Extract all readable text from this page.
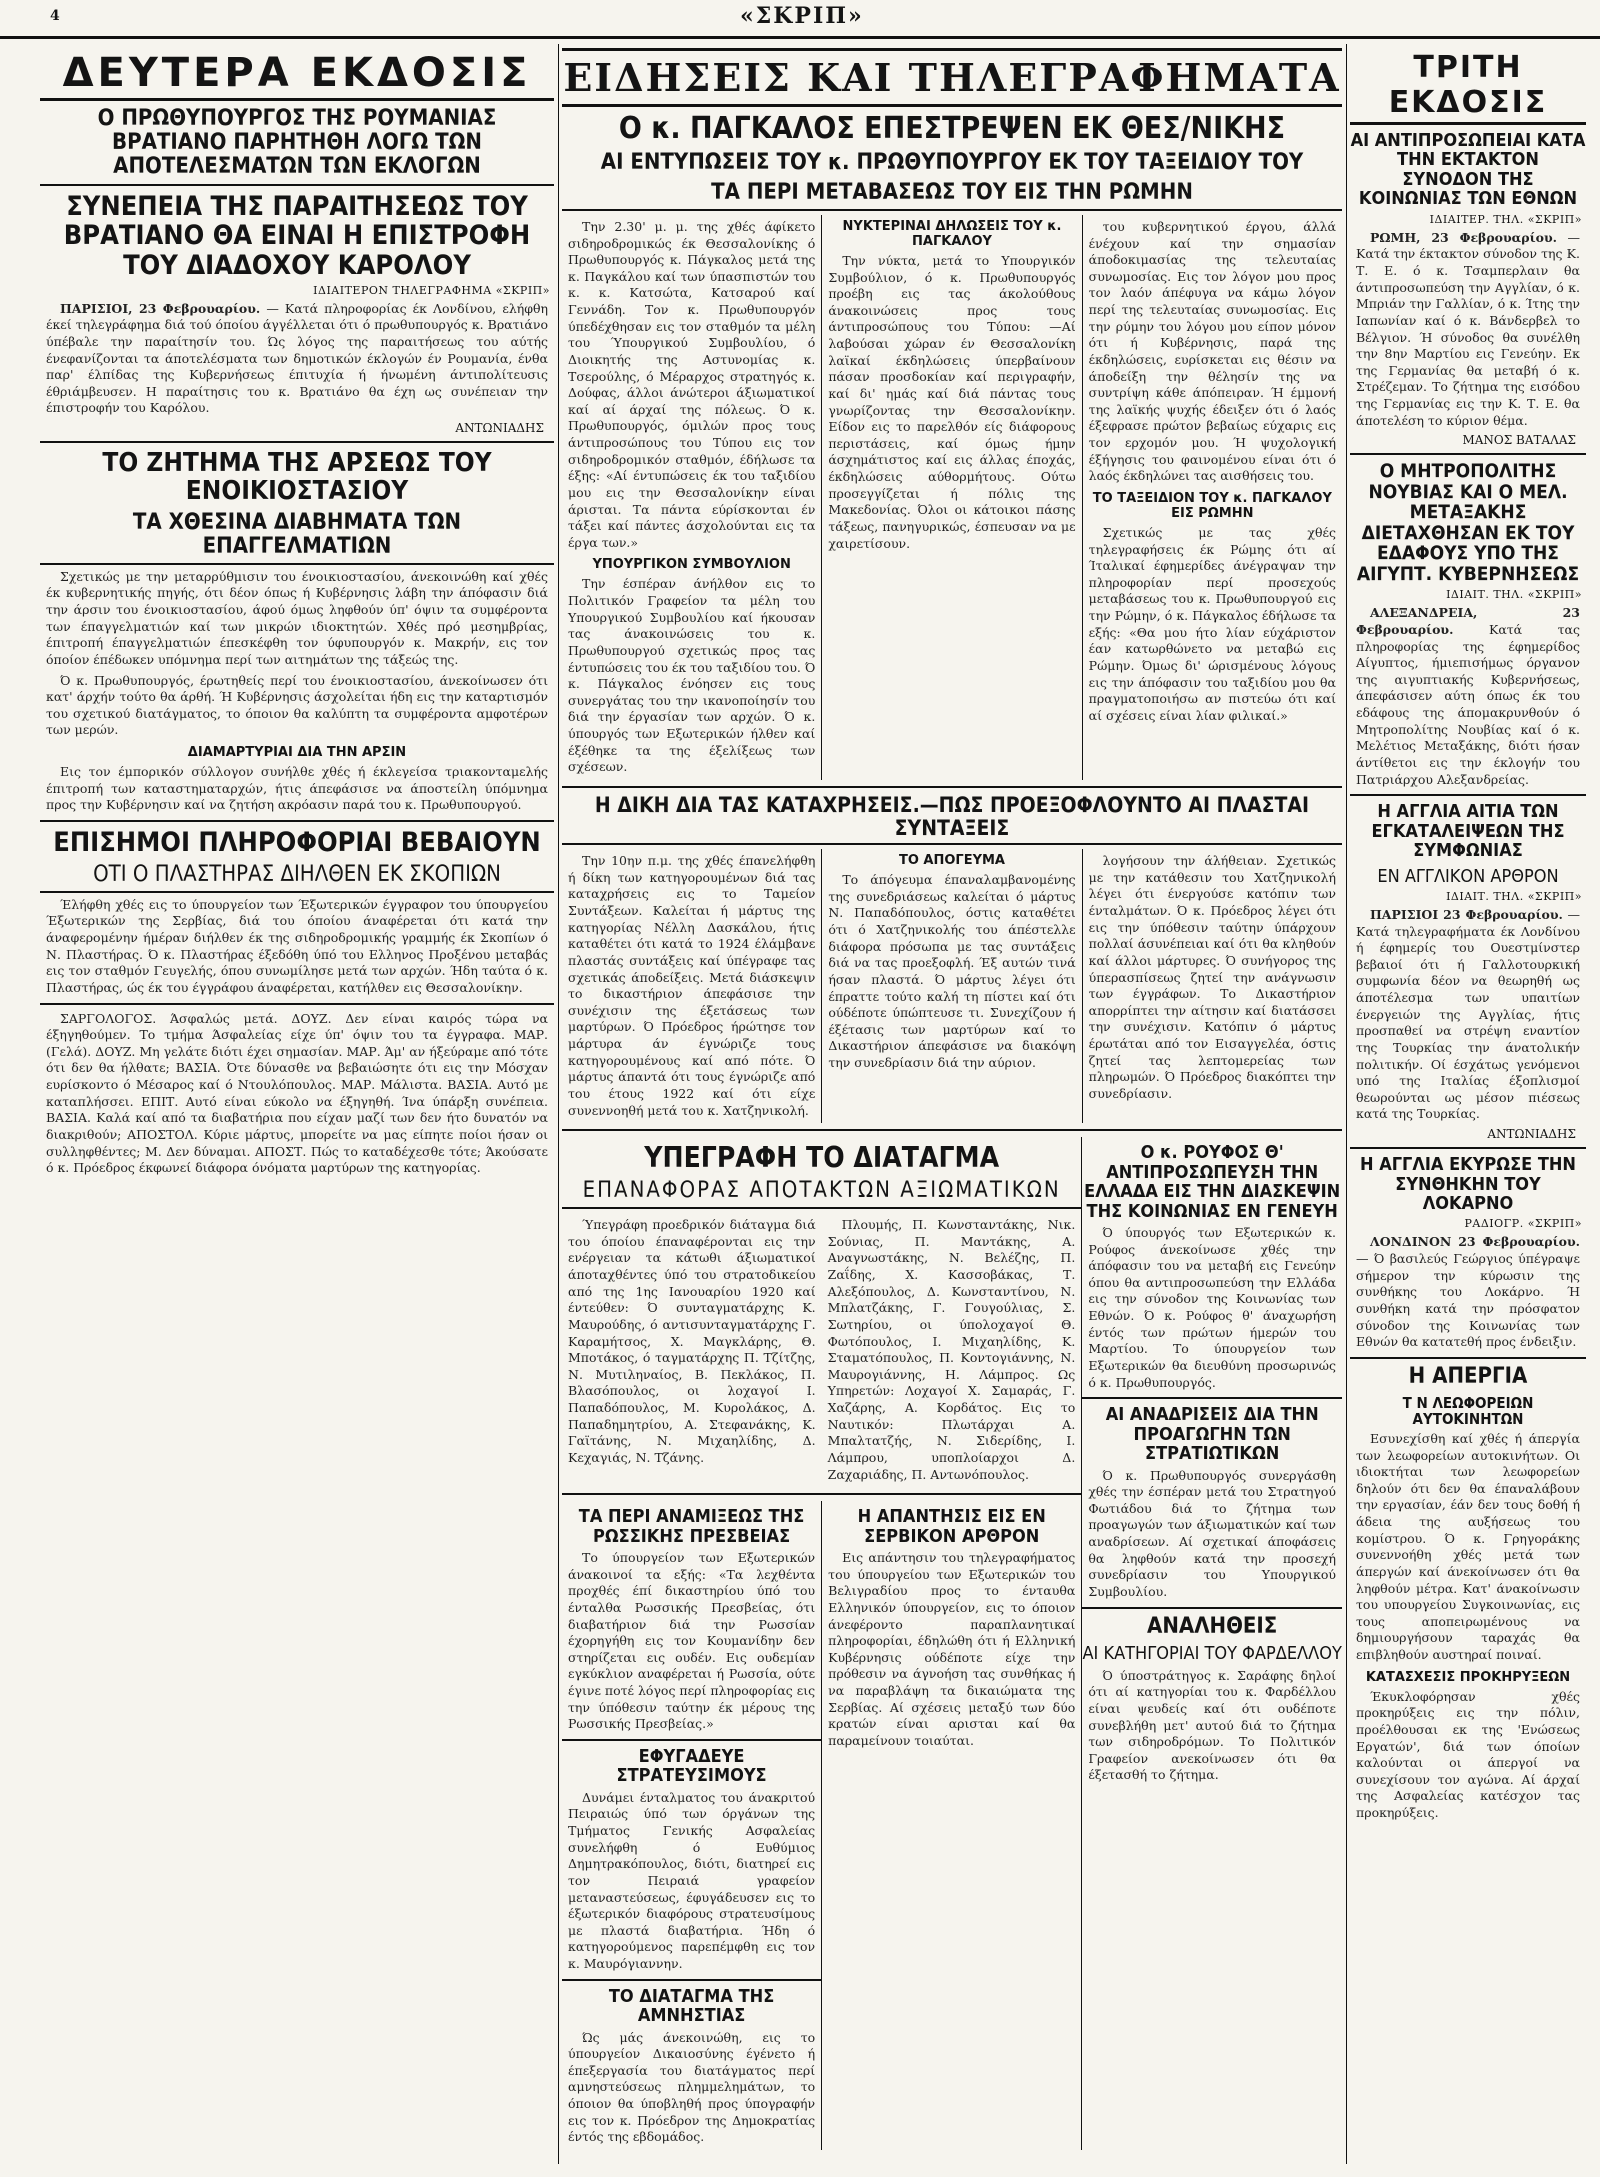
4	«ΣΚΡΙΠ»
ΔΕΥΤΕΡΑ ΕΚΔΟΣΙΣ
Ο ΠΡΩΘΥΠΟΥΡΓΟΣ ΤΗΣ ΡΟΥΜΑΝΙΑΣ ΒΡΑΤΙΑΝΟ ΠΑΡΗΤΗΘΗ ΛΟΓΩ ΤΩΝ ΑΠΟΤΕΛΕΣΜΑΤΩΝ ΤΩΝ ΕΚΛΟΓΩΝ
ΣΥΝΕΠΕΙΑ ΤΗΣ ΠΑΡΑΙΤΗΣΕΩΣ ΤΟΥ ΒΡΑΤΙΑΝΟ ΘΑ ΕΙΝΑΙ Η ΕΠΙΣΤΡΟΦΗ ΤΟΥ ΔΙΑΔΟΧΟΥ ΚΑΡΟΛΟΥ
ΙΔΙΑΙΤΕΡΟΝ ΤΗΛΕΓΡΑΦΗΜΑ «ΣΚΡΙΠ»

ΠΑΡΙΣΙΟΙ, 23 Φεβρουαρίου. — Κατά πληροφορίας έκ Λονδίνου, ελήφθη έκεί τηλεγράφημα διά τού όποίου άγγέλλεται ότι ό πρωθυπουργός κ. Βρατιάνο ύπέβαλε την παραίτησίν του. Ώς λόγος της παραιτήσεως του αύτής ένεφανίζονται τα άποτελέσματα των δημοτικών έκλογών έν Ρουμανία, ένθα παρ' έλπίδας της Κυβερνήσεως έπιτυχία ή ήνωμένη άντιπολίτευσις έθριάμβευσεν. Η παραίτησις του κ. Βρατιάνο θα έχη ως συνέπειαν την έπιστροφήν του Καρόλου.

ΑΝΤΩΝΙΑΔΗΣ
ΤΟ ΖΗΤΗΜΑ ΤΗΣ ΑΡΣΕΩΣ ΤΟΥ ΕΝΟΙΚΙΟΣΤΑΣΙΟΥ
ΤΑ ΧΘΕΣΙΝΑ ΔΙΑΒΗΜΑΤΑ ΤΩΝ ΕΠΑΓΓΕΛΜΑΤΙΩΝ

Σχετικώς με την μεταρρύθμισιν του ένοικιοστασίου, άνεκοινώθη καί χθές έκ κυβερνητικής πηγής, ότι δέον όπως ή Κυβέρνησις λάβη την άπόφασιν διά την άρσιν του ένοικιοστασίου, άφού όμως ληφθούν ύπ' όψιν τα συμφέροντα των έπαγγελματιών καί των μικρών ιδιοκτητών. Χθές πρό μεσημβρίας, έπιτροπή έπαγγελματιών έπεσκέφθη τον ύφυπουργόν κ. Μακρήν, εις τον όποίον έπέδωκεν υπόμνημα περί των αιτημάτων της τάξεώς της.

Ό κ. Πρωθυπουργός, έρωτηθείς περί του ένοικιοστασίου, άνεκοίνωσεν ότι κατ' άρχήν τούτο θα άρθή. Ή Κυβέρνησις άσχολείται ήδη εις την καταρτισμόν του σχετικού διατάγματος, το όποιον θα καλύπτη τα συμφέροντα αμφοτέρων των μερών.

ΔΙΑΜΑΡΤΥΡΙΑΙ ΔΙΑ ΤΗΝ ΑΡΣΙΝ

Εις τον έμπορικόν σύλλογον συνήλθε χθές ή έκλεγείσα τριακονταμελής έπιτροπή των καταστηματαρχών, ήτις άπεφάσισε να άποστείλη ύπόμνημα προς την Κυβέρνησιν καί να ζητήση ακρόασιν παρά του κ. Πρωθυπουργού.

ΕΠΙΣΗΜΟΙ ΠΛΗΡΟΦΟΡΙΑΙ ΒΕΒΑΙΟΥΝ
ΟΤΙ Ο ΠΛΑΣΤΗΡΑΣ ΔΙΗΛΘΕΝ ΕΚ ΣΚΟΠΙΩΝ

Έλήφθη χθές εις το ύπουργείον των Έξωτερικών έγγραφον του ύπουργείου Έξωτερικών της Σερβίας, διά του όποίου άναφέρεται ότι κατά την άναφερομένην ήμέραν διήλθεν έκ της σιδηροδρομικής γραμμής έκ Σκοπίων ό Ν. Πλαστήρας. Ό κ. Πλαστήρας έξεδόθη ύπό του Ελληνος Προξένου μεταβάς εις τον σταθμόν Γευγελής, όπου συνωμίλησε μετά των αρχών. Ήδη ταύτα ό κ. Πλαστήρας, ώς έκ του έγγράφου άναφέρεται, κατήλθεν εις Θεσσαλονίκην.

ΣΑΡΓΟΛΟΓΟΣ. Άσφαλώς μετά. ΔΟΥΖ. Δεν είναι καιρός τώρα να έξηγηθούμεν. Το τμήμα Άσφαλείας είχε ύπ' όψιν του τα έγγραφα. ΜΑΡ. (Γελά). ΔΟΥΖ. Μη γελάτε διότι έχει σημασίαν. ΜΑΡ. Άμ' αν ήξεύραμε από τότε ότι δεν θα ήλθατε; ΒΑΣΙΑ. Ότε δύνασθε να βεβαιώσητε ότι εις την Μόσχαν ευρίσκοντο ό Μέσαρος καί ό Ντουλόπουλος. ΜΑΡ. Μάλιστα. ΒΑΣΙΑ. Αυτό με καταπλήσσει. ΕΠΙΤ. Αυτό είναι εύκολο να έξηγηθή. Ίνα ύπάρξη συνέπεια. ΒΑΣΙΑ. Καλά καί από τα διαβατήρια που είχαν μαζί των δεν ήτο δυνατόν να διακριθούν; ΑΠΟΣΤΟΛ. Κύριε μάρτυς, μπορείτε να μας είπητε ποίοι ήσαν οι συλληφθέντες; Μ. Δεν δύναμαι. ΑΠΟΣΤ. Πώς το καταδέχεσθε τότε; Άκούσατε ό κ. Πρόεδρος έκφωνεί διάφορα όνόματα μαρτύρων της κατηγορίας.

ΕΙΔΗΣΕΙΣ ΚΑΙ ΤΗΛΕΓΡΑΦΗΜΑΤΑ
Ο κ. ΠΑΓΚΑΛΟΣ ΕΠΕΣΤΡΕΨΕΝ ΕΚ ΘΕΣ/ΝΙΚΗΣ
ΑΙ ΕΝΤΥΠΩΣΕΙΣ ΤΟΥ κ. ΠΡΩΘΥΠΟΥΡΓΟΥ ΕΚ ΤΟΥ ΤΑΞΕΙΔΙΟΥ ΤΟΥ
ΤΑ ΠΕΡΙ ΜΕΤΑΒΑΣΕΩΣ ΤΟΥ ΕΙΣ ΤΗΝ ΡΩΜΗΝ

Την 2.30' μ. μ. της χθές άφίκετο σιδηροδρομικώς έκ Θεσσαλονίκης ό Πρωθυπουργός κ. Πάγκαλος μετά της κ. Παγκάλου καί των ύπασπιστών του κ. κ. Κατσώτα, Κατσαρού καί Γεννάδη. Τον κ. Πρωθυπουργόν ύπεδέχθησαν εις τον σταθμόν τα μέλη του Ύπουργικού Συμβουλίου, ό Διοικητής της Αστυνομίας κ. Τσερούλης, ό Μέραρχος στρατηγός κ. Δούφας, άλλοι άνώτεροι άξιωματικοί καί αί άρχαί της πόλεως. Ό κ. Πρωθυπουργός, όμιλών προς τους άντιπροσώπους του Τύπου εις τον σιδηροδρομικόν σταθμόν, έδήλωσε τα έξης: «Αί έντυπώσεις έκ του ταξιδίου μου εις την Θεσσαλονίκην είναι άρισται. Τα πάντα εύρίσκονται έν τάξει καί πάντες άσχολούνται εις τα έργα των.»

ΥΠΟΥΡΓΙΚΟΝ ΣΥΜΒΟΥΛΙΟΝ

Την έσπέραν άνήλθον εις το Πολιτικόν Γραφείον τα μέλη του Υπουργικού Συμβουλίου καί ήκουσαν τας άνακοινώσεις του κ. Πρωθυπουργού σχετικώς προς τας έντυπώσεις του έκ του ταξιδίου του. Ό κ. Πάγκαλος ένόησεν εις τους συνεργάτας του την ικανοποίησίν του διά την έργασίαν των αρχών. Ό κ. ύπουργός των Εξωτερικών ήλθεν καί έξέθηκε τα της έξελίξεως των σχέσεων.

ΝΥΚΤΕΡΙΝΑΙ ΔΗΛΩΣΕΙΣ ΤΟΥ κ. ΠΑΓΚΑΛΟΥ

Την νύκτα, μετά το Υπουργικόν Συμβούλιον, ό κ. Πρωθυπουργός προέβη εις τας άκολούθους άνακοινώσεις προς τους άντιπροσώπους του Τύπου: —Αί λαβούσαι χώραν έν Θεσσαλονίκη λαϊκαί έκδηλώσεις ύπερβαίνουν πάσαν προσδοκίαν καί περιγραφήν, καί δι' ημάς καί διά πάντας τους γνωρίζοντας την Θεσσαλονίκην. Είδον εις το παρελθόν είς διάφορους περιστάσεις, καί όμως ήμην άσχημάτιστος καί εις άλλας έποχάς, έκδηλώσεις αύθορμήτους. Ούτω προσεγγίζεται ή πόλις της Μακεδονίας. Όλοι οι κάτοικοι πάσης τάξεως, πανηγυρικώς, έσπευσαν να με χαιρετίσουν.

του κυβερνητικού έργου, άλλά ένέχουν καί την σημασίαν άποδοκιμασίας της τελευταίας συνωμοσίας. Εις τον λόγον μου προς τον λαόν άπέφυγα να κάμω λόγον περί της τελευταίας συνωμοσίας. Εις την ρύμην του λόγου μου είπον μόνον ότι ή Κυβέρνησις, παρά της έκδηλώσεις, ευρίσκεται εις θέσιν να άποδείξη την θέλησίν της να συντρίψη κάθε άπόπειραν. Ή έμμονή της λαϊκής ψυχής έδειξεν ότι ό λαός έξεφρασε πρώτον βεβαίως εύχαρις εις τον ερχομόν μου. Ή ψυχολογική έξήγησις του φαινομένου είναι ότι ό λαός έκδηλώνει τας αισθήσεις του.

ΤΟ ΤΑΞΕΙΔΙΟΝ ΤΟΥ κ. ΠΑΓΚΑΛΟΥ ΕΙΣ ΡΩΜΗΝ

Σχετικώς με τας χθές τηλεγραφήσεις έκ Ρώμης ότι αί Ίταλικαί έφημερίδες άνέγραψαν την πληροφορίαν περί προσεχούς μεταβάσεως του κ. Πρωθυπουργού εις την Ρώμην, ό κ. Πάγκαλος έδήλωσε τα εξής: «Θα μου ήτο λίαν εύχάριστον έαν κατωρθώνετο να μεταβώ εις Ρώμην. Όμως δι' ώρισμένους λόγους εις την άπόφασιν του ταξιδίου μου θα πραγματοποιήσω αν πιστεύω ότι καί αί σχέσεις είναι λίαν φιλικαί.»

Η ΔΙΚΗ ΔΙΑ ΤΑΣ ΚΑΤΑΧΡΗΣΕΙΣ.—ΠΩΣ ΠΡΟΕΞΟΦΛΟΥΝΤΟ ΑΙ ΠΛΑΣΤΑΙ ΣΥΝΤΑΞΕΙΣ

Την 10ην π.μ. της χθές έπανελήφθη ή δίκη των κατηγορουμένων διά τας καταχρήσεις εις το Ταμείον Συντάξεων. Καλείται ή μάρτυς της κατηγορίας Νέλλη Δασκάλου, ήτις καταθέτει ότι κατά το 1924 έλάμβανε πλαστάς συντάξεις καί ύπέγραφε τας σχετικάς άποδείξεις. Μετά διάσκεψιν το δικαστήριον άπεφάσισε την συνέχισιν της έξετάσεως των μαρτύρων. Ό Πρόεδρος ήρώτησε τον μάρτυρα άν έγνώριζε τους κατηγορουμένους καί από πότε. Ό μάρτυς άπαντά ότι τους έγνώριζε από του έτους 1922 καί ότι είχε συνεννοηθή μετά του κ. Χατζηνικολή.

ΤΟ ΑΠΟΓΕΥΜΑ

Το άπόγευμα έπαναλαμβανομένης της συνεδριάσεως καλείται ό μάρτυς Ν. Παπαδόπουλος, όστις καταθέτει ότι ό Χατζηνικολής του άπέστελλε διάφορα πρόσωπα με τας συντάξεις διά να τας προεξοφλή. Έξ αυτών τινά ήσαν πλαστά. Ό μάρτυς λέγει ότι έπραττε τούτο καλή τη πίστει καί ότι ούδέποτε ύπώπτευσε τι. Συνεχίζουν ή έξέτασις των μαρτύρων καί το Δικαστήριον άπεφάσισε να διακόψη την συνεδρίασιν διά την αύριον.

λογήσουν την άλήθειαν. Σχετικώς με την κατάθεσιν του Χατζηνικολή λέγει ότι ένεργούσε κατόπιν των ένταλμάτων. Ό κ. Πρόεδρος λέγει ότι εις την ύπόθεσιν ταύτην ύπάρχουν πολλαί άσυνέπειαι καί ότι θα κληθούν καί άλλοι μάρτυρες. Ό συνήγορος της ύπερασπίσεως ζητεί την ανάγνωσιν των έγγράφων. Το Δικαστήριον απορρίπτει την αίτησιν καί διατάσσει την συνέχισιν. Κατόπιν ό μάρτυς έρωτάται από τον Εισαγγελέα, όστις ζητεί τας λεπτομερείας των πληρωμών. Ό Πρόεδρος διακόπτει την συνεδρίασιν.

ΥΠΕΓΡΑΦΗ ΤΟ ΔΙΑΤΑΓΜΑ
ΕΠΑΝΑΦΟΡΑΣ ΑΠΟΤΑΚΤΩΝ ΑΞΙΩΜΑΤΙΚΩΝ

Ύπεγράφη προεδρικόν διάταγμα διά του όποίου έπαναφέρονται εις την ενέργειαν τα κάτωθι άξιωματικοί άποταχθέντες ύπό του στρατοδικείου από της 1ης Ιανουαρίου 1920 καί έντεύθεν: Ό συνταγματάρχης Κ. Μαυρούδης, ό αντισυνταγματάρχης Γ. Καραμήτσος, Χ. Μαγκλάρης, Θ. Μποτάκος, ό ταγματάρχης Π. Τζίτζης, Ν. Μυτιληναίος, Β. Πεκλάκος, Π. Βλασόπουλος, οι λοχαγοί Ι. Παπαδόπουλος, Μ. Κυρολάκος, Δ. Παπαδημητρίου, Α. Στεφανάκης, Κ. Γαϊτάνης, Ν. Μιχαηλίδης, Δ. Κεχαγιάς, Ν. Τζάνης.

Πλουμής, Π. Κωνσταντάκης, Νικ. Σούνιας, Π. Μαντάκης, Α. Αναγνωστάκης, Ν. Βελέζης, Π. Ζαΐδης, Χ. Κασσοβάκας, Τ. Αλεξόπουλος, Δ. Κωνσταντίνου, Ν. Μπλατζάκης, Γ. Γουγούλιας, Σ. Σωτηρίου, οι ύπολοχαγοί Θ. Φωτόπουλος, Ι. Μιχαηλίδης, Κ. Σταματόπουλος, Π. Κοντογιάννης, Ν. Μαυρογιάννης, Η. Λάμπρος. Ως Υπηρετών: Λοχαγοί Χ. Σαμαράς, Γ. Χαζάρης, Α. Κορδάτος. Εις το Ναυτικόν: Πλωτάρχαι Α. Μπαλτατζής, Ν. Σιδερίδης, Ι. Λάμπρου, υποπλοίαρχοι Δ. Ζαχαριάδης, Π. Αντωνόπουλος.

ΤΑ ΠΕΡΙ ΑΝΑΜΙΞΕΩΣ ΤΗΣ ΡΩΣΣΙΚΗΣ ΠΡΕΣΒΕΙΑΣ

Το ύπουργείον των Εξωτερικών άνακοινοί τα εξής: «Τα λεχθέντα προχθές έπί δικαστηρίου ύπό του ένταλθα Ρωσσικής Πρεσβείας, ότι διαβατήριον διά την Ρωσσίαν έχορηγήθη εις τον Κουμανίδην δεν στηρίζεται εις ουδέν. Εις ουδεμίαν εγκύκλιον αναφέρεται ή Ρωσσία, ούτε έγινε ποτέ λόγος περί πληροφορίας εις την ύπόθεσιν ταύτην έκ μέρους της Ρωσσικής Πρεσβείας.»

ΕΦΥΓΑΔΕΥΕ ΣΤΡΑΤΕΥΣΙΜΟΥΣ

Δυνάμει ένταλματος του άνακριτού Πειραιώς ύπό των όργάνων της Τμήματος Γενικής Ασφαλείας συνελήφθη ό Ευθύμιος Δημητρακόπουλος, διότι, διατηρεί εις τον Πειραιά γραφείον μεταναστεύσεως, έφυγάδευσεν εις το έξωτερικόν διαφόρους στρατευσίμους με πλαστά διαβατήρια. Ήδη ό κατηγορούμενος παρεπέμφθη εις τον κ. Μαυρόγιαννην.

ΤΟ ΔΙΑΤΑΓΜΑ ΤΗΣ ΑΜΝΗΣΤΙΑΣ

Ώς μάς άνεκοινώθη, εις το ύπουργείον Δικαιοσύνης έγένετο ή έπεξεργασία του διατάγματος περί αμνηστεύσεως πλημμελημάτων, το όποιον θα ύποβληθή προς ύπογραφήν εις τον κ. Πρόεδρον της Δημοκρατίας έντός της εβδομάδος.

Η ΑΠΑΝΤΗΣΙΣ ΕΙΣ ΕΝ ΣΕΡΒΙΚΟΝ ΑΡΘΡΟΝ

Εις απάντησιν του τηλεγραφήματος του ύπουργείου των Εξωτερικών του Βελιγραδίου προς το ένταυθα Ελληνικόν ύπουργείον, εις το όποιον άνεφέροντο παραπλανητικαί πληροφορίαι, έδηλώθη ότι ή Ελληνική Κυβέρνησις ούδέποτε είχε την πρόθεσιν να άγνοήση τας συνθήκας ή να παραβλάψη τα δικαιώματα της Σερβίας. Αί σχέσεις μεταξύ των δύο κρατών είναι αρισται καί θα παραμείνουν τοιαύται.

Ο κ. ΡΟΥΦΟΣ Θ' ΑΝΤΙΠΡΟΣΩΠΕΥΣΗ ΤΗΝ ΕΛΛΑΔΑ ΕΙΣ ΤΗΝ ΔΙΑΣΚΕΨΙΝ ΤΗΣ ΚΟΙΝΩΝΙΑΣ ΕΝ ΓΕΝΕΥΗ

Ό ύπουργός των Εξωτερικών κ. Ρούφος άνεκοίνωσε χθές την άπόφασιν του να μεταβή εις Γενεύην όπου θα αντιπροσωπεύση την Ελλάδα εις την σύνοδον της Κοινωνίας των Εθνών. Ό κ. Ρούφος θ' άναχωρήση έντός των πρώτων ήμερών του Μαρτίου. Το ύπουργείον των Εξωτερικών θα διευθύνη προσωρινώς ό κ. Πρωθυπουργός.

ΑΙ ΑΝΑΔΡΙΣΕΙΣ ΔΙΑ ΤΗΝ ΠΡΟΑΓΩΓΗΝ ΤΩΝ ΣΤΡΑΤΙΩΤΙΚΩΝ

Ό κ. Πρωθυπουργός συνεργάσθη χθές την έσπέραν μετά του Στρατηγού Φωτιάδου διά το ζήτημα των προαγωγών των άξιωματικών καί των αναδρίσεων. Αί σχετικαί άποφάσεις θα ληφθούν κατά την προσεχή συνεδρίασιν του Υπουργικού Συμβουλίου.

ΑΝΑΛΗΘΕΙΣ
ΑΙ ΚΑΤΗΓΟΡΙΑΙ ΤΟΥ ΦΑΡΔΕΛΛΟΥ

Ό ύποστράτηγος κ. Σαράφης δηλοί ότι αί κατηγορίαι του κ. Φαρδέλλου είναι ψευδείς καί ότι ουδέποτε συνεβλήθη μετ' αυτού διά το ζήτημα των σιδηροδρόμων. Το Πολιτικόν Γραφείον ανεκοίνωσεν ότι θα έξετασθή το ζήτημα.

ΤΡΙΤΗ ΕΚΔΟΣΙΣ
ΑΙ ΑΝΤΙΠΡΟΣΩΠΕΙΑΙ ΚΑΤΑ ΤΗΝ ΕΚΤΑΚΤΟΝ ΣΥΝΟΔΟΝ ΤΗΣ ΚΟΙΝΩΝΙΑΣ ΤΩΝ ΕΘΝΩΝ
ΙΔΙΑΙΤΕΡ. ΤΗΛ. «ΣΚΡΙΠ»

ΡΩΜΗ, 23 Φεβρουαρίου. —Κατά την έκτακτον σύνοδον της Κ. Τ. Ε. ό κ. Τσαμπερλαιν θα άντιπροσωπεύση την Αγγλίαν, ό κ. Μπριάν την Γαλλίαν, ό κ. Ίτης την Ιαπωνίαν καί ό κ. Βάνδερβελ το Βέλγιον. Ή σύνοδος θα συνέλθη την 8ην Μαρτίου εις Γενεύην. Εκ της Γερμανίας θα μεταβή ό κ. Στρέζεμαν. Το ζήτημα της εισόδου της Γερμανίας εις την Κ. Τ. Ε. θα άποτελέση το κύριον θέμα.

ΜΑΝΟΣ ΒΑΤΑΛΑΣ
Ο ΜΗΤΡΟΠΟΛΙΤΗΣ ΝΟΥΒΙΑΣ ΚΑΙ Ο ΜΕΛ. ΜΕΤΑΞΑΚΗΣ ΔΙΕΤΑΧΘΗΣΑΝ ΕΚ ΤΟΥ ΕΔΑΦΟΥΣ ΥΠΟ ΤΗΣ ΑΙΓΥΠΤ. ΚΥΒΕΡΝΗΣΕΩΣ
ΙΔΙΑΙΤ. ΤΗΛ. «ΣΚΡΙΠ»

ΑΛΕΞΑΝΔΡΕΙΑ, 23 Φεβρουαρίου.	Κατά τας πληροφορίας της έφημερίδος Αίγυπτος, ήμιεπισήμως όργανον της αιγυπτιακής Κυβερνήσεως, άπεφάσισεν αύτη όπως έκ του εδάφους της άπομακρυνθούν ό Μητροπολίτης Νουβίας καί ό κ. Μελέτιος Μεταξάκης, διότι ήσαν άντίθετοι εις την έκλογήν του Πατριάρχου Αλεξανδρείας.

Η ΑΓΓΛΙΑ ΑΙΤΙΑ ΤΩΝ ΕΓΚΑΤΑΛΕΙΨΕΩΝ ΤΗΣ ΣΥΜΦΩΝΙΑΣ
ΕΝ ΑΓΓΛΙΚΟΝ ΑΡΘΡΟΝ
ΙΔΙΑΙΤ. ΤΗΛ. «ΣΚΡΙΠ»

ΠΑΡΙΣΙΟΙ 23 Φεβρουαρίου. —Κατά τηλεγραφήματα έκ Λονδίνου ή έφημερίς του Ουεστμίνστερ βεβαιοί ότι ή Γαλλοτουρκική συμφωνία δέον να θεωρηθή ως άποτέλεσμα των υπαιτίων ένεργειών της Αγγλίας, ήτις προσπαθεί να στρέψη εναντίον της Τουρκίας την άνατολικήν πολιτικήν. Οί έσχάτως γενόμενοι υπό της Ιταλίας έξοπλισμοί θεωρούνται ως μέσον πιέσεως κατά της Τουρκίας.

ΑΝΤΩΝΙΑΔΗΣ
Η ΑΓΓΛΙΑ ΕΚΥΡΩΣΕ ΤΗΝ ΣΥΝΘΗΚΗΝ ΤΟΥ ΛΟΚΑΡΝΟ
ΡΑΔΙΟΓΡ. «ΣΚΡΙΠ»

ΛΟΝΔΙΝΟΝ 23 Φεβρουαρίου. — Ό βασιλεύς Γεώργιος ύπέγραψε σήμερον την κύρωσιν της συνθήκης του Λοκάρνο. Ή συνθήκη κατά την πρόσφατον σύνοδον της Κοινωνίας των Εθνών θα κατατεθή προς ένδειξιν.

Η ΑΠΕΡΓΙΑ
Τ Ν ΛΕΩΦΟΡΕΙΩΝ ΑΥΤΟΚΙΝΗΤΩΝ

Εσυνεχίσθη καί χθές ή άπεργία των λεωφορείων αυτοκινήτων. Οι ιδιοκτήται των λεωφορείων δηλούν ότι δεν θα έπαναλάβουν την εργασίαν, έάν δεν τους δοθή ή άδεια της αυξήσεως του κομίστρου. Ό κ. Γρηγοράκης συνεννοήθη χθές μετά των άπεργών καί άνεκοίνωσεν ότι θα ληφθούν μέτρα. Κατ' άνακοίνωσιν του υπουργείου Συγκοινωνίας, εις τους αποπειρωμένους να δημιουργήσουν ταραχάς θα επιβληθούν αυστηραί ποιναί.

ΚΑΤΑΣΧΕΣΙΣ ΠΡΟΚΗΡΥΞΕΩΝ

Έκυκλοφόρησαν χθές προκηρύξεις εις την πόλιν, προέλθουσαι εκ της 'Ενώσεως Εργατών', διά των όποίων καλούνται οι άπεργοί να συνεχίσουν τον αγώνα. Αί άρχαί της Ασφαλείας κατέσχον τας προκηρύξεις.
